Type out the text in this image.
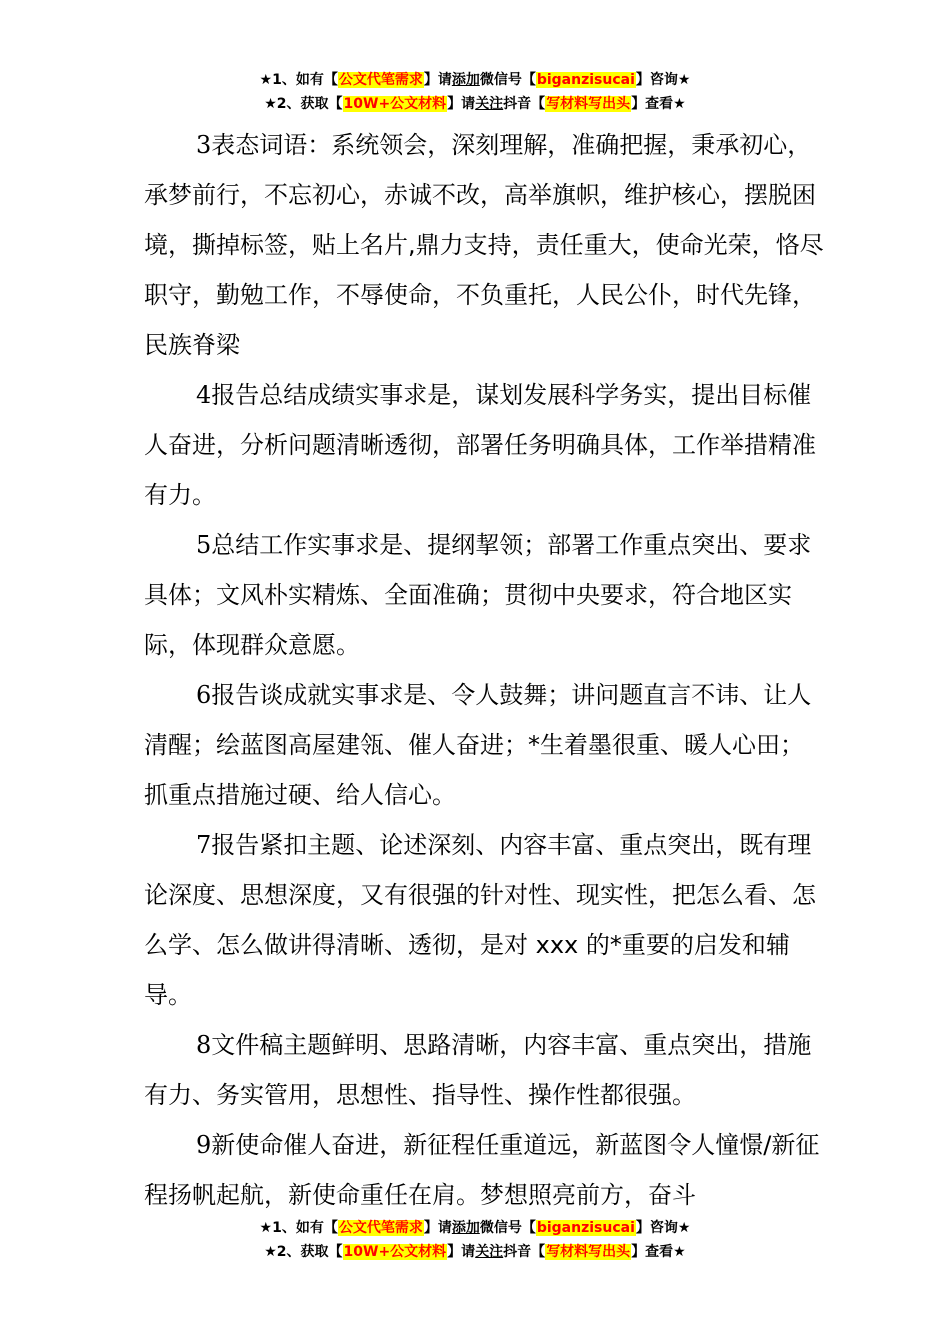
★1、如有【公文代笔需求】请添加微信号【biganzisucai】咨询★
★2、获取【10W+公文材料】请关注抖音【写材料写出头】查看★

3表态词语：系统领会，深刻理解，准确把握，秉承初心，承梦前行，不忘初心，赤诚不改，高举旗帜，维护核心，摆脱困境，撕掉标签，贴上名片,鼎力支持，责任重大，使命光荣，恪尽职守，勤勉工作，不辱使命，不负重托，人民公仆，时代先锋，民族脊梁

4报告总结成绩实事求是，谋划发展科学务实，提出目标催人奋进，分析问题清晰透彻，部署任务明确具体，工作举措精准有力。

5总结工作实事求是、提纲挈领；部署工作重点突出、要求具体；文风朴实精炼、全面准确；贯彻中央要求，符合地区实际，体现群众意愿。

6报告谈成就实事求是、令人鼓舞；讲问题直言不讳、让人清醒；绘蓝图高屋建瓴、催人奋进；*生着墨很重、暖人心田；抓重点措施过硬、给人信心。

7报告紧扣主题、论述深刻、内容丰富、重点突出，既有理论深度、思想深度，又有很强的针对性、现实性，把怎么看、怎么学、怎么做讲得清晰、透彻，是对 xxx 的*重要的启发和辅导。

8文件稿主题鲜明、思路清晰，内容丰富、重点突出，措施有力、务实管用，思想性、指导性、操作性都很强。

9新使命催人奋进，新征程任重道远，新蓝图令人憧憬/新征程扬帆起航，新使命重任在肩。梦想照亮前方，奋斗

★1、如有【公文代笔需求】请添加微信号【biganzisucai】咨询★
★2、获取【10W+公文材料】请关注抖音【写材料写出头】查看★
